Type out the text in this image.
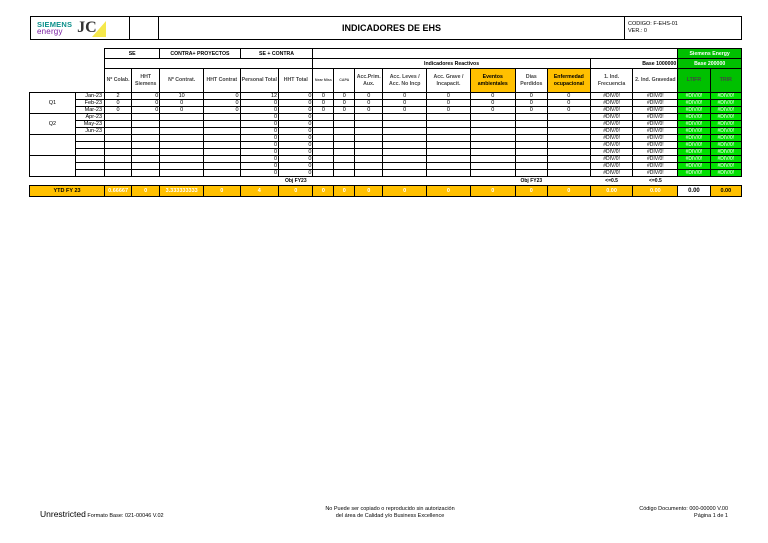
SIEMENS
energy JC	INDICADORES DE EHS	CODIGO: F-EHS-01
VER.: 0
		SE		CONTRA+ PROYECTOS		SE + CONTRA												Siemens Energy	
								Indicadores Reactivos								Base 1000000		Base 200000	
		Nº Colab.	HHT Siemens	Nº Contrat.	HHT Contrat	Personal Total	HHT Total	Near Miss	CAPA	Acc.Prim. Aux.	Acc. Leves / Acc. No Incp	Acc. Grave / Incapacit.	Eventos ambientales	Dias Perdidos	Enfermedad ocupacional	1. Ind. Frecuencia	2. Ind. Gravedad	LTIFR	TRIR
Q1	Jan-23	2	0	10	0	12	0	0	0	0	0	0	0	0	0	#DIV/0!	#DIV/0!	#DIV/0!	#DIV/0!
	Feb-23	0	0	0	0	0	0	0	0	0	0	0	0	0	0	#DIV/0!	#DIV/0!	#DIV/0!	#DIV/0!
	Mar-23	0	0	0	0	0	0	0	0	0	0	0	0	0	0	#DIV/0!	#DIV/0!	#DIV/0!	#DIV/0!
Q2	Apr-23					0	0									#DIV/0!	#DIV/0!	#DIV/0!	#DIV/0!
	May-23					0	0									#DIV/0!	#DIV/0!	#DIV/0!	#DIV/0!
	Jun-23					0	0									#DIV/0!	#DIV/0!	#DIV/0!	#DIV/0!
						0	0									#DIV/0!	#DIV/0!	#DIV/0!	#DIV/0!
						0	0									#DIV/0!	#DIV/0!	#DIV/0!	#DIV/0!
						0	0									#DIV/0!	#DIV/0!	#DIV/0!	#DIV/0!
						0	0									#DIV/0!	#DIV/0!	#DIV/0!	#DIV/0!
						0	0									#DIV/0!	#DIV/0!	#DIV/0!	#DIV/0!
						0	0									#DIV/0!	#DIV/0!	#DIV/0!	#DIV/0!
							Obj FY23							Obj FY23		<=0.5	<=0.5		
YTD FY 23		0.66667	0	3.333333333	0	4	0	0	0	0	0	0	0	0	0	0.00	0.00	0.00	0.00
Unrestricted Formato Base: 021-00046 V.02
No Puede ser copiado o reproducido sin autorización
del área de Calidad y/o Business Excellence
Código Documento: 000-00000 V.00
Página 1 de 1
